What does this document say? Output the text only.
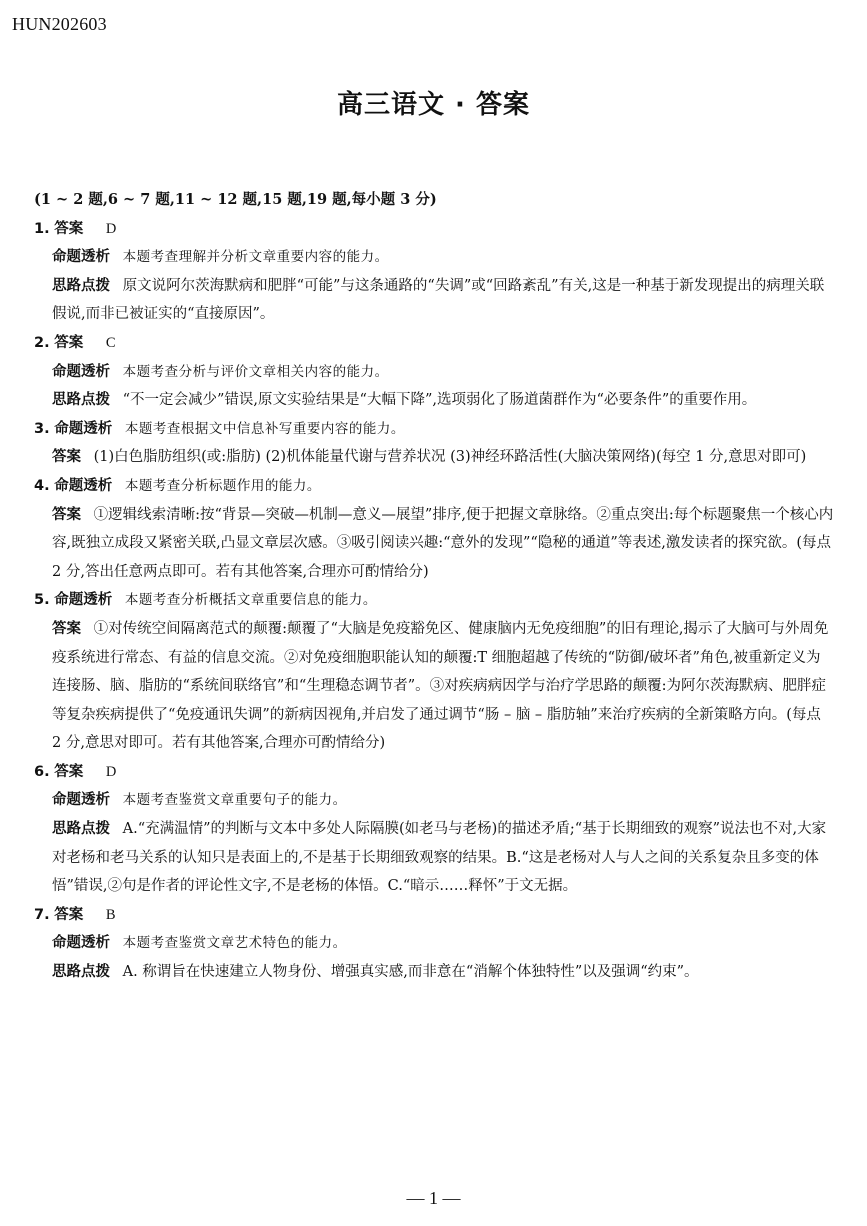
HUN202603
高三语文 · 答案
(1 ~ 2 题,6 ~ 7 题,11 ~ 12 题,15 题,19 题,每小题 3 分)
1. 答案 D
命题透析 本题考查理解并分析文章重要内容的能力。
思路点拨 原文说阿尔茨海默病和肥胖“可能”与这条通路的“失调”或“回路紊乱”有关,这是一种基于新发现提出的病理关联假说,而非已被证实的“直接原因”。
2. 答案 C
命题透析 本题考查分析与评价文章相关内容的能力。
思路点拨 “不一定会减少”错误,原文实验结果是“大幅下降”,选项弱化了肠道菌群作为“必要条件”的重要作用。
3. 命题透析 本题考查根据文中信息补写重要内容的能力。
答案 (1)白色脂肪组织(或:脂肪) (2)机体能量代谢与营养状况 (3)神经环路活性(大脑决策网络)(每空 1 分,意思对即可)
4. 命题透析 本题考查分析标题作用的能力。
答案 ①逻辑线索清晰:按“背景—突破—机制—意义—展望”排序,便于把握文章脉络。②重点突出:每个标题聚焦一个核心内容,既独立成段又紧密关联,凸显文章层次感。③吸引阅读兴趣:“意外的发现”“隐秘的通道”等表述,激发读者的探究欲。(每点 2 分,答出任意两点即可。若有其他答案,合理亦可酌情给分)
5. 命题透析 本题考查分析概括文章重要信息的能力。
答案 ①对传统空间隔离范式的颠覆:颠覆了“大脑是免疫豁免区、健康脑内无免疫细胞”的旧有理论,揭示了大脑可与外周免疫系统进行常态、有益的信息交流。②对免疫细胞职能认知的颠覆:T 细胞超越了传统的“防御/破坏者”角色,被重新定义为连接肠、脑、脂肪的“系统间联络官”和“生理稳态调节者”。③对疾病病因学与治疗学思路的颠覆:为阿尔茨海默病、肥胖症等复杂疾病提供了“免疫通讯失调”的新病因视角,并启发了通过调节“肠 – 脑 – 脂肪轴”来治疗疾病的全新策略方向。(每点 2 分,意思对即可。若有其他答案,合理亦可酌情给分)
6. 答案 D
命题透析 本题考查鉴赏文章重要句子的能力。
思路点拨 A.“充满温情”的判断与文本中多处人际隔膜(如老马与老杨)的描述矛盾;“基于长期细致的观察”说法也不对,大家对老杨和老马关系的认知只是表面上的,不是基于长期细致观察的结果。B.“这是老杨对人与人之间的关系复杂且多变的体悟”错误,②句是作者的评论性文字,不是老杨的体悟。C.“暗示……释怀”于文无据。
7. 答案 B
命题透析 本题考查鉴赏文章艺术特色的能力。
思路点拨 A. 称谓旨在快速建立人物身份、增强真实感,而非意在“消解个体独特性”以及强调“约束”。
— 1 —
